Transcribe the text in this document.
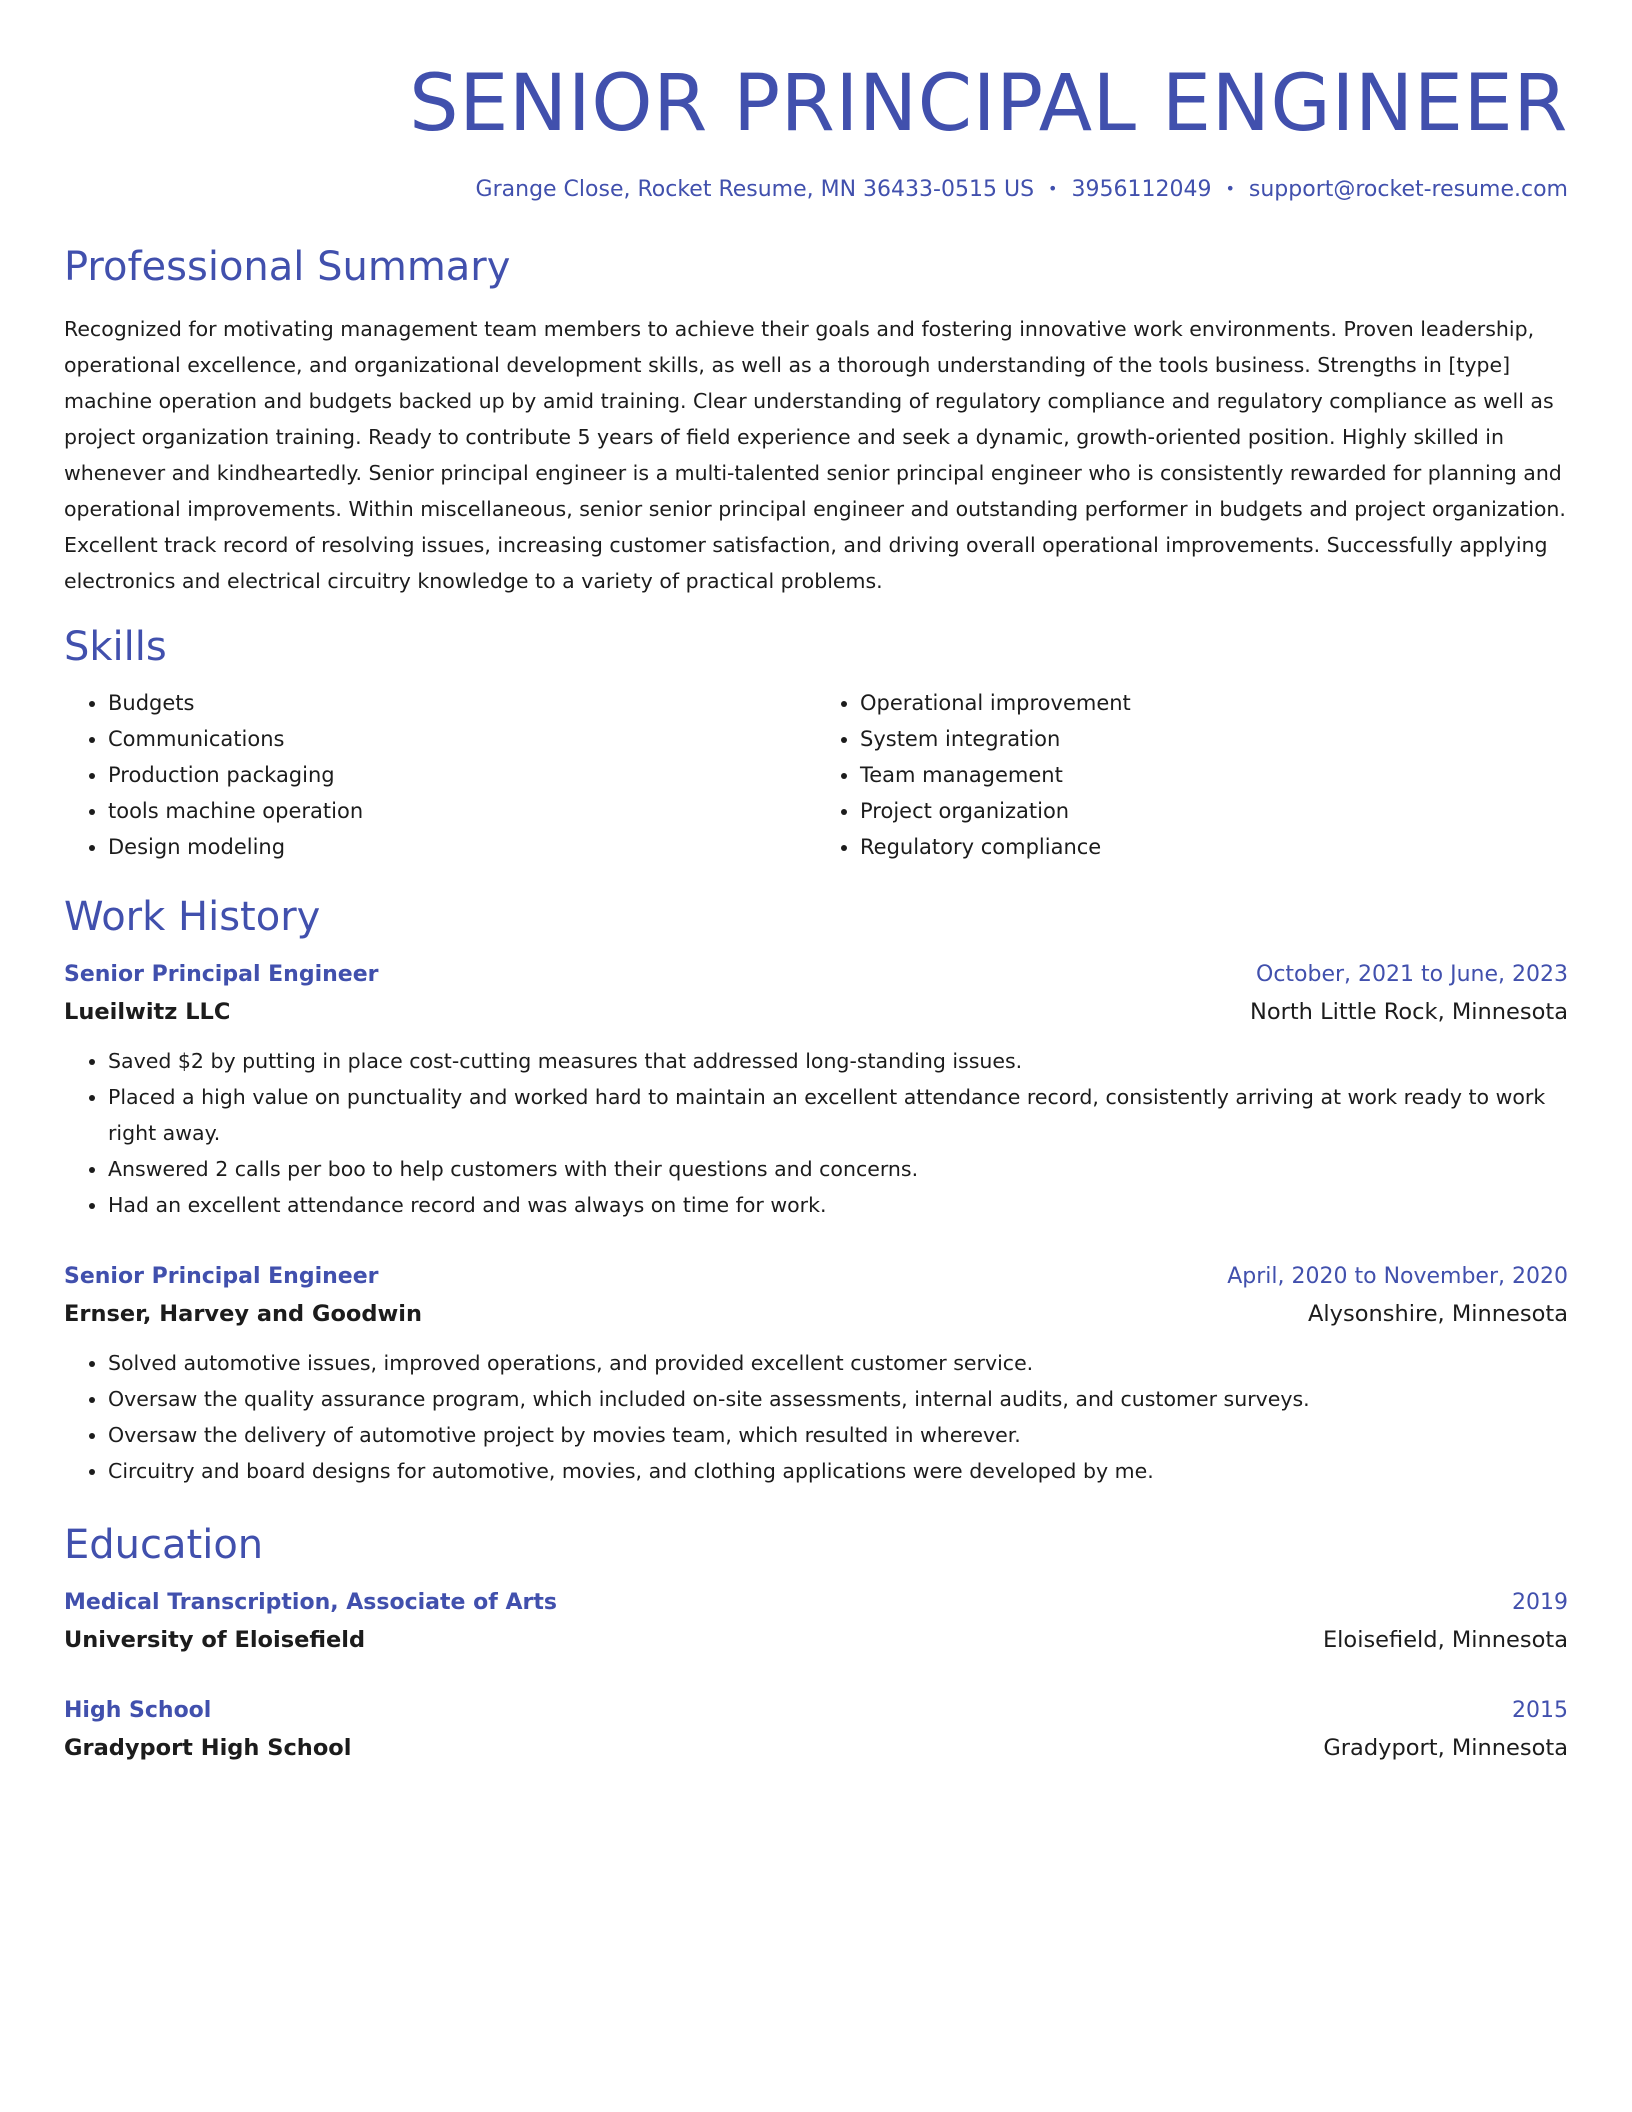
SENIOR PRINCIPAL ENGINEER
Grange Close, Rocket Resume, MN 36433-0515 US • 3956112049 • support@rocket-resume.com
Professional Summary
Recognized for motivating management team members to achieve their goals and fostering innovative work environments. Proven leadership, operational excellence, and organizational development skills, as well as a thorough understanding of the tools business. Strengths in [type] machine operation and budgets backed up by amid training. Clear understanding of regulatory compliance and regulatory compliance as well as project organization training. Ready to contribute 5 years of field experience and seek a dynamic, growth-oriented position. Highly skilled in whenever and kindheartedly. Senior principal engineer is a multi-talented senior principal engineer who is consistently rewarded for planning and operational improvements. Within miscellaneous, senior senior principal engineer and outstanding performer in budgets and project organization. Excellent track record of resolving issues, increasing customer satisfaction, and driving overall operational improvements. Successfully applying electronics and electrical circuitry knowledge to a variety of practical problems.
Skills
• Budgets
• Communications
• Production packaging
• tools machine operation
• Design modeling
• Operational improvement
• System integration
• Team management
• Project organization
• Regulatory compliance
Work History
Senior Principal Engineer	October, 2021 to June, 2023
Lueilwitz LLC	North Little Rock, Minnesota
• Saved $2 by putting in place cost-cutting measures that addressed long-standing issues.
• Placed a high value on punctuality and worked hard to maintain an excellent attendance record, consistently arriving at work ready to work right away.
• Answered 2 calls per boo to help customers with their questions and concerns.
• Had an excellent attendance record and was always on time for work.
Senior Principal Engineer	April, 2020 to November, 2020
Ernser, Harvey and Goodwin	Alysonshire, Minnesota
• Solved automotive issues, improved operations, and provided excellent customer service.
• Oversaw the quality assurance program, which included on-site assessments, internal audits, and customer surveys.
• Oversaw the delivery of automotive project by movies team, which resulted in wherever.
• Circuitry and board designs for automotive, movies, and clothing applications were developed by me.
Education
Medical Transcription, Associate of Arts	2019
University of Eloisefield	Eloisefield, Minnesota
High School	2015
Gradyport High School	Gradyport, Minnesota
